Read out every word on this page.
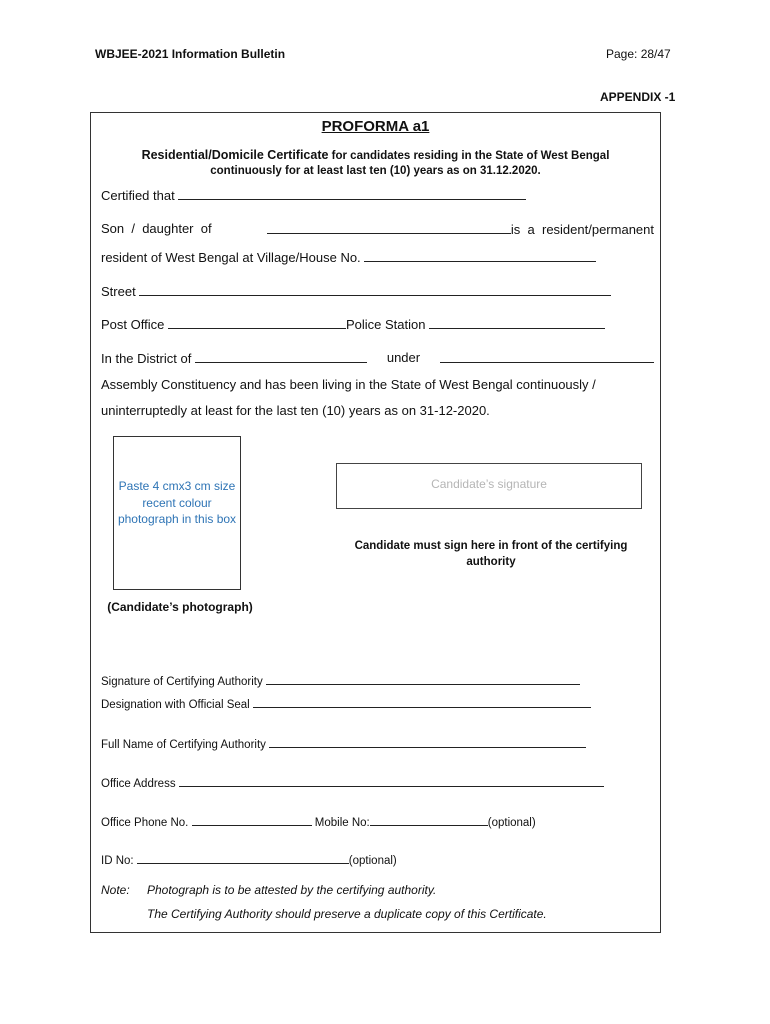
WBJEE-2021 Information Bulletin	Page: 28/47
APPENDIX -1
PROFORMA a1
Residential/Domicile Certificate for candidates residing in the State of West Bengal
continuously for at least last ten (10) years as on 31.12.2020.
Certified that
Son  /  daughter  of	is  a  resident/permanent
resident of West Bengal at Village/House No.
Street
Post Office	Police Station
In the District of	under
Assembly Constituency and has been living in the State of West Bengal continuously /
uninterruptedly at least for the last ten (10) years as on 31-12-2020.
Paste 4 cmx3 cm size recent colour photograph in this box
(Candidate’s photograph)
Candidate’s signature
Candidate must sign here in front of the certifying authority
Signature of Certifying Authority
Designation with Official Seal
Full Name of Certifying Authority
Office Address
Office Phone No.	Mobile No:	(optional)
ID No:	(optional)
Note: Photograph is to be attested by the certifying authority.
The Certifying Authority should preserve a duplicate copy of this Certificate.
